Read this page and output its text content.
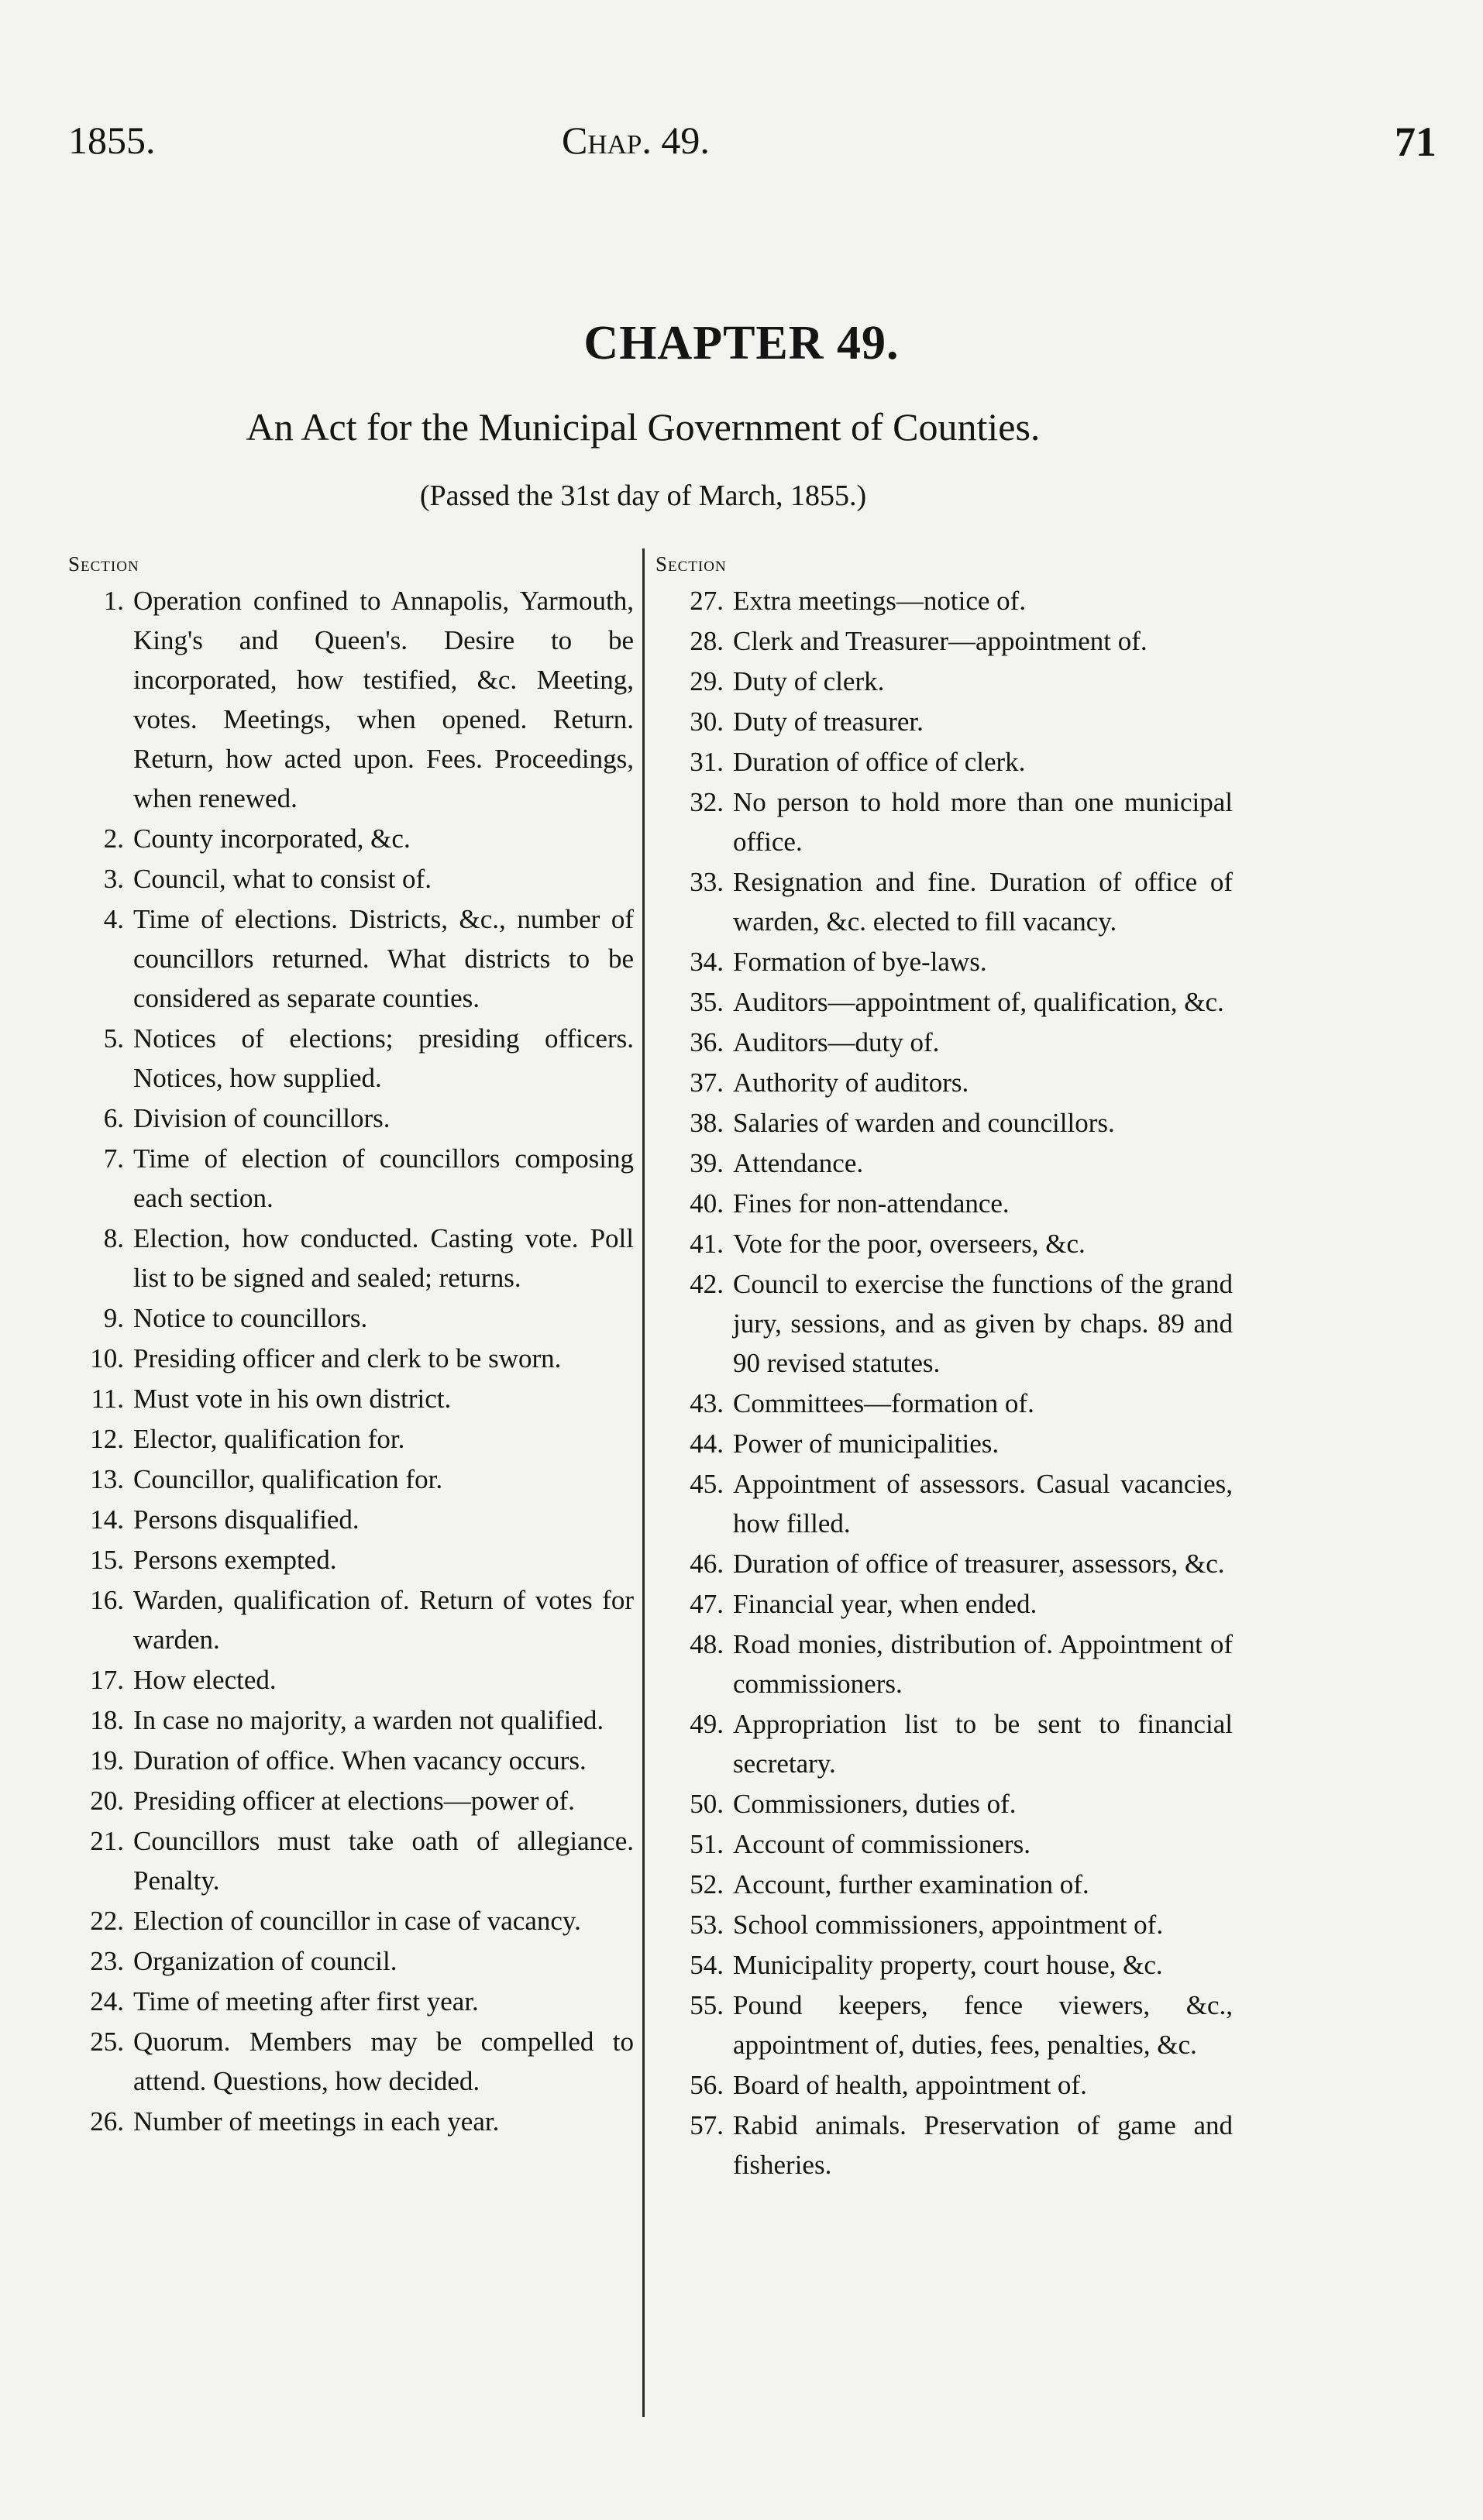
1855.	Chap. 49.	71
CHAPTER 49.
An Act for the Municipal Government of Counties.
(Passed the 31st day of March, 1855.)
Section
1. Operation confined to Annapolis, Yarmouth, King's and Queen's. Desire to be incorporated, how testified, &c. Meeting, votes. Meetings, when opened. Return. Return, how acted upon. Fees. Proceedings, when renewed.
2. County incorporated, &c.
3. Council, what to consist of.
4. Time of elections. Districts, &c., number of councillors returned. What districts to be considered as separate counties.
5. Notices of elections; presiding officers. Notices, how supplied.
6. Division of councillors.
7. Time of election of councillors composing each section.
8. Election, how conducted. Casting vote. Poll list to be signed and sealed; returns.
9. Notice to councillors.
10. Presiding officer and clerk to be sworn.
11. Must vote in his own district.
12. Elector, qualification for.
13. Councillor, qualification for.
14. Persons disqualified.
15. Persons exempted.
16. Warden, qualification of. Return of votes for warden.
17. How elected.
18. In case no majority, a warden not qualified.
19. Duration of office. When vacancy occurs.
20. Presiding officer at elections—power of.
21. Councillors must take oath of allegiance. Penalty.
22. Election of councillor in case of vacancy.
23. Organization of council.
24. Time of meeting after first year.
25. Quorum. Members may be compelled to attend. Questions, how decided.
26. Number of meetings in each year.
Section
27. Extra meetings—notice of.
28. Clerk and Treasurer—appointment of.
29. Duty of clerk.
30. Duty of treasurer.
31. Duration of office of clerk.
32. No person to hold more than one municipal office.
33. Resignation and fine. Duration of office of warden, &c. elected to fill vacancy.
34. Formation of bye-laws.
35. Auditors—appointment of, qualification, &c.
36. Auditors—duty of.
37. Authority of auditors.
38. Salaries of warden and councillors.
39. Attendance.
40. Fines for non-attendance.
41. Vote for the poor, overseers, &c.
42. Council to exercise the functions of the grand jury, sessions, and as given by chaps. 89 and 90 revised statutes.
43. Committees—formation of.
44. Power of municipalities.
45. Appointment of assessors. Casual vacancies, how filled.
46. Duration of office of treasurer, assessors, &c.
47. Financial year, when ended.
48. Road monies, distribution of. Appointment of commissioners.
49. Appropriation list to be sent to financial secretary.
50. Commissioners, duties of.
51. Account of commissioners.
52. Account, further examination of.
53. School commissioners, appointment of.
54. Municipality property, court house, &c.
55. Pound keepers, fence viewers, &c., appointment of, duties, fees, penalties, &c.
56. Board of health, appointment of.
57. Rabid animals. Preservation of game and fisheries.
